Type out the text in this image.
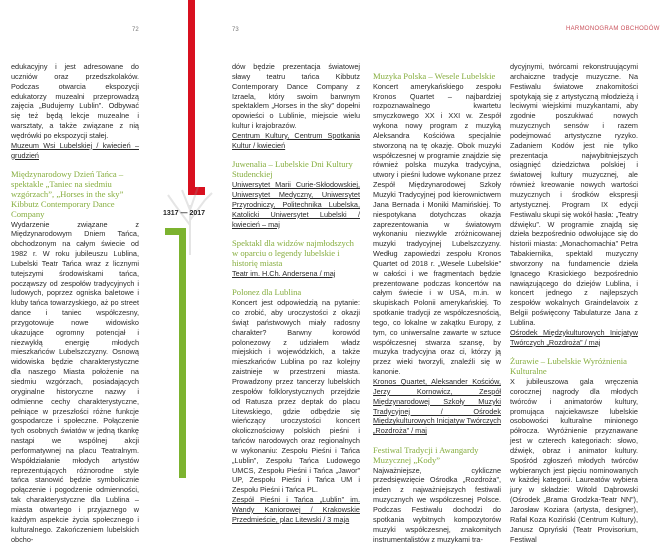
72	73	HARMONOGRAM OBCHODÓW
1317 — 2017

edukacyjny i jest adresowane do uczniów oraz przedszkolaków. Podczas otwarcia ekspozycji edukatorzy muzealni przeprowadzą zajęcia „Budujemy Lublin”. Odbywać się też będą lekcje muzealne i warsztaty, a także związane z nią wędrówki po ekspozycji stałej.

Muzeum Wsi Lubelskiej / kwiecień – grudzień

Międzynarodowy Dzień Tańca – spektakle „Taniec na siedmiu wzgórzach”, „Horses in the sky” Kibbutz Contemporary Dance Company

Wydarzenie związane z Międzynarodowym Dniem Tańca, obchodzonym na całym świecie od 1982 r. W roku jubileuszu Lublina, Lubelski Teatr Tańca wraz z licznymi tutejszymi środowiskami tańca, począwszy od zespołów tradycyjnych i ludowych, poprzez ogniska baletowe i kluby tańca towarzyskiego, aż po street dance i taniec współczesny, przygotowuje nowe widowisko ukazujące ogromny potencjał i niezwykłą energię młodych mieszkańców Lubelszczyzny. Osnową widowiska będzie charakterystyczne dla naszego Miasta położenie na siedmiu wzgórzach, posiadających oryginalne historyczne nazwy i odmienne cechy charakterystyczne, pełniące w przeszłości różne funkcje gospodarcze i społeczne. Połączenie tych osobnych światów w jedną tkankę nastąpi we wspólnej akcji performatywnej na placu Teatralnym. Współdziałanie młodych artystów reprezentujących różnorodne style tańca stanowić będzie symbolicznie połączenie i pogodzenie odmienności, tak charakterystyczne dla Lublina – miasta otwartego i przyjaznego w każdym aspekcie życia społecznego i kulturalnego. Zakończeniem lubelskich obcho-

dów będzie prezentacja światowej sławy teatru tańca Kibbutz Contemporary Dance Company z Izraela, który swoim barwnym spektaklem „Horses in the sky” dopełni opowieści o Lublinie, miejscie wielu kultur i krajobrazów.

Centrum Kultury, Centrum Spotkania Kultur / kwiecień

Juwenalia – Lubelskie Dni Kultury Studenckiej

Uniwersytet Marii Curie-Skłodowskiej, Uniwersytet Medyczny, Uniwersytet Przyrodniczy, Politechnika Lubelska, Katolicki Uniwersytet Lubelski / kwiecień – maj

Spektakl dla widzów najmłodszych w oparciu o legendy lubelskie i historię miasta

Teatr im. H.Ch. Andersena / maj

Polonez dla Lublina

Koncert jest odpowiedzią na pytanie: co zrobić, aby uroczystości z okazji świąt państwowych miały radosny charakter? Barwny korowód polonezowy z udziałem władz miejskich i wojewódzkich, a także mieszkańców Lublina po raz kolejny zaistnieje w przestrzeni miasta. Prowadzony przez tancerzy lubelskich zespołów folklorystycznych przejdzie od Ratusza przez deptak do placu Litewskiego, gdzie odbędzie się wieńczący uroczystości koncert okolicznościowy polskich pieśni i tańców narodowych oraz regionalnych w wykonaniu: Zespołu Pieśni i Tańca „Lublin”, Zespołu Tańca Ludowego UMCS, Zespołu Pieśni i Tańca „Jawor” UP, Zespołu Pieśni i Tańca UM i Zespołu Pieśni i Tańca PL.

Zespół Pieśni i Tańca „Lublin” im. Wandy Kaniorowej / Krakowskie Przedmieście, plac Litewski / 3 maja

Muzyka Polska – Wesele Lubelskie

Koncert amerykańskiego zespołu Kronos Quartet – najbardziej rozpoznawalnego kwartetu smyczkowego XX i XXI w. Zespół wykona nowy program z muzyką Aleksandra Kościówa specjalnie stworzoną na tę okazję. Obok muzyki współczesnej w programie znajdzie się również polska muzyka tradycyjna, utwory i pieśni ludowe wykonane przez Zespół Międzynarodowej Szkoły Muzyki Tradycyjnej pod kierownictwem Jana Bernada i Moniki Mamińskiej. To niespotykana dotychczas okazja zaprezentowania w światowym wykonaniu niezwykle zróżnicowanej muzyki tradycyjnej Lubelszczyzny. Według zapowiedzi zespołu Kronos Quartet od 2018 r. „Wesele Lubelskie” w całości i we fragmentach będzie prezentowane podczas koncertów na całym świecie i w USA, m.in. w skupiskach Polonii amerykańskiej. To spotkanie tradycji ze współczesnością, tego, co lokalne w zakątku Europy, z tym, co uniwersalne zawarte w sztuce współczesnej stwarza szansę, by muzyka tradycyjna oraz ci, którzy ją przez wieki tworzyli, znaleźli się w kanonie.

Kronos Quartet, Aleksander Kościów, Jerzy Kornowicz, Zespół Międzynarodowej Szkoły Muzyki Tradycyjnej / Ośrodek Międzykulturowych Inicjatyw Twórczych „Rozdroża” / maj

Festiwal Tradycji i Awangardy Muzycznej „Kody”

Najważniejsze, cykliczne przedsięwzięcie Ośrodka „Rozdroża”, jeden z najważniejszych festiwali muzycznych we współczesnej Polsce. Podczas Festiwalu dochodzi do spotkania wybitnych kompozytorów muzyki współczesnej, znakomitych instrumentalistów z muzykami tra-

dycyjnymi, twórcami rekonstruującymi archaiczne tradycje muzyczne. Na Festiwalu światowe znakomitości spotykają się z artystyczną młodzieżą i leciwymi wiejskimi muzykantami, aby zgodnie poszukiwać nowych muzycznych sensów i razem podejmować artystyczne ryzyko. Zadaniem Kodów jest nie tylko prezentacja najwybitniejszych osiągnięć dziedzictwa polskiej i światowej kultury muzycznej, ale również kreowanie nowych wartości muzycznych i środków ekspresji artystycznej. Program IX edycji Festiwalu skupi się wokół hasła: „Teatry dźwięku”. W programie znajdą się dzieła bezpośrednio odwołujące się do historii miasta: „Monachomachia” Petra Tabakiernika, spektakl muzyczny stworzony na fundamencie dzieła Ignacego Krasickiego bezpośrednio nawiązującego do dziejów Lublina, i koncert jednego z najlepszych zespołów wokalnych Graindelavoix z Belgii poświęcony Tabulaturze Jana z Lublina.

Ośrodek Międzykulturowych Inicjatyw Twórczych „Rozdroża” / maj

Żurawie – Lubelskie Wyróżnienia Kulturalne

X jubileuszowa gala wręczenia corocznej nagrody dla młodych twórców i animatorów kultury, promująca najciekawsze lubelskie osobowości kulturalne minionego półrocza. Wyróżnienie przyznawane jest w czterech kategoriach: słowo, dźwięk, obraz i animator kultury. Spośród zgłoszeń młodych twórców wybieranych jest pięciu nominowanych w każdej kategorii. Laureatów wybiera jury w składzie: Witold Dąbrowski (Ośrodek „Brama Grodzka-Teatr NN”), Jarosław Koziara (artysta, designer), Rafał Koza Koziński (Centrum Kultury), Janusz Opryński (Teatr Provisorium, Festiwal
